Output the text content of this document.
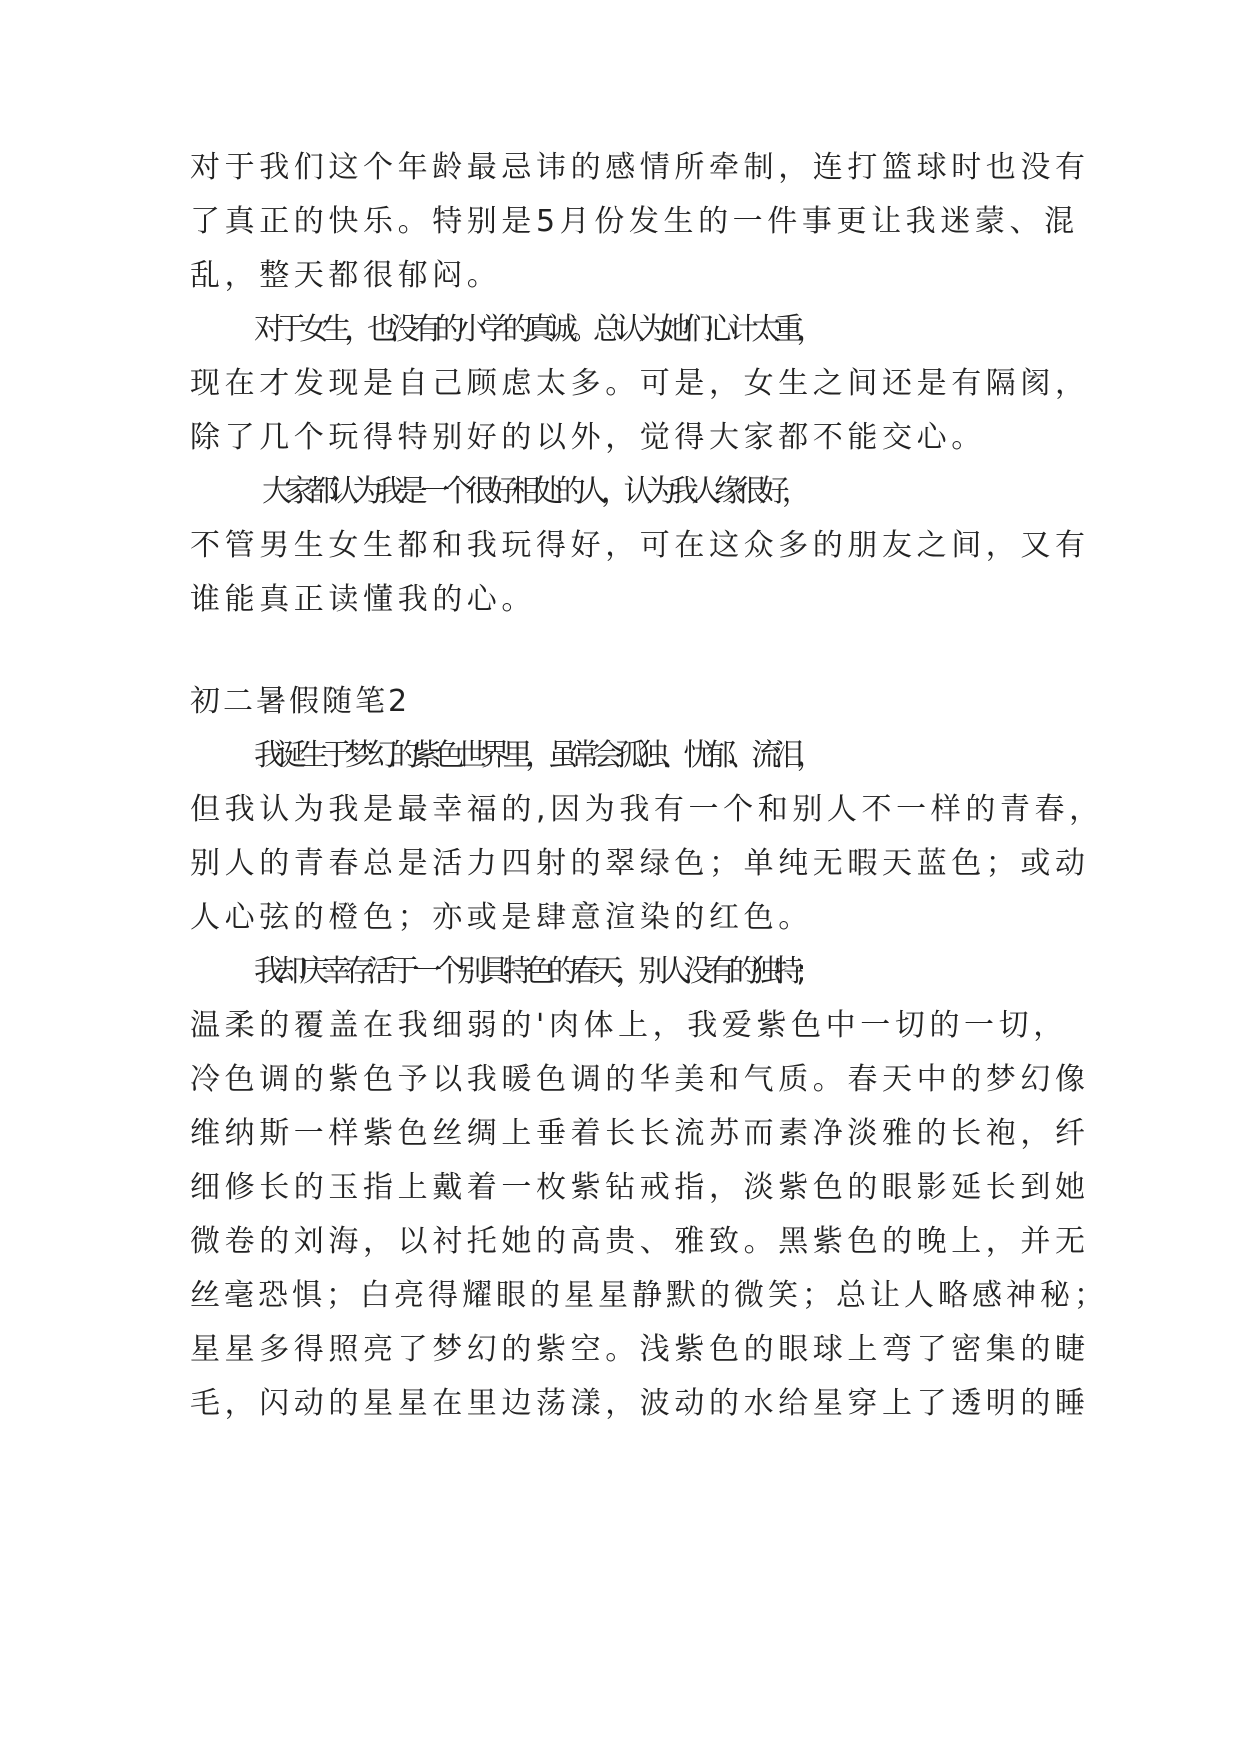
对于我们这个年龄最忌讳的感情所牵制，连打篮球时也没有

了真正的快乐。特别是5月份发生的一件事更让我迷蒙、混

乱，整天都很郁闷。

对于女生，也没有的小学的真诚。总认为她们心计太重，

现在才发现是自己顾虑太多。可是，女生之间还是有隔阂，

除了几个玩得特别好的以外，觉得大家都不能交心。

大家都认为我是一个很好相处的人，认为我人缘很好，

不管男生女生都和我玩得好，可在这众多的朋友之间，又有

谁能真正读懂我的心。

初二暑假随笔2

我诞生于梦幻的紫色世界里，虽常会孤独、忧郁、流泪，

但我认为我是最幸福的,因为我有一个和别人不一样的青春，

别人的青春总是活力四射的翠绿色；单纯无暇天蓝色；或动

人心弦的橙色；亦或是肆意渲染的红色。

我却庆幸存活于一个别具特色的春天，别人没有的独特;

温柔的覆盖在我细弱的'肉体上，我爱紫色中一切的一切，

冷色调的紫色予以我暖色调的华美和气质。春天中的梦幻像

维纳斯一样紫色丝绸上垂着长长流苏而素净淡雅的长袍，纤

细修长的玉指上戴着一枚紫钻戒指，淡紫色的眼影延长到她

微卷的刘海，以衬托她的高贵、雅致。黑紫色的晚上，并无

丝毫恐惧；白亮得耀眼的星星静默的微笑；总让人略感神秘；

星星多得照亮了梦幻的紫空。浅紫色的眼球上弯了密集的睫

毛，闪动的星星在里边荡漾，波动的水给星穿上了透明的睡
